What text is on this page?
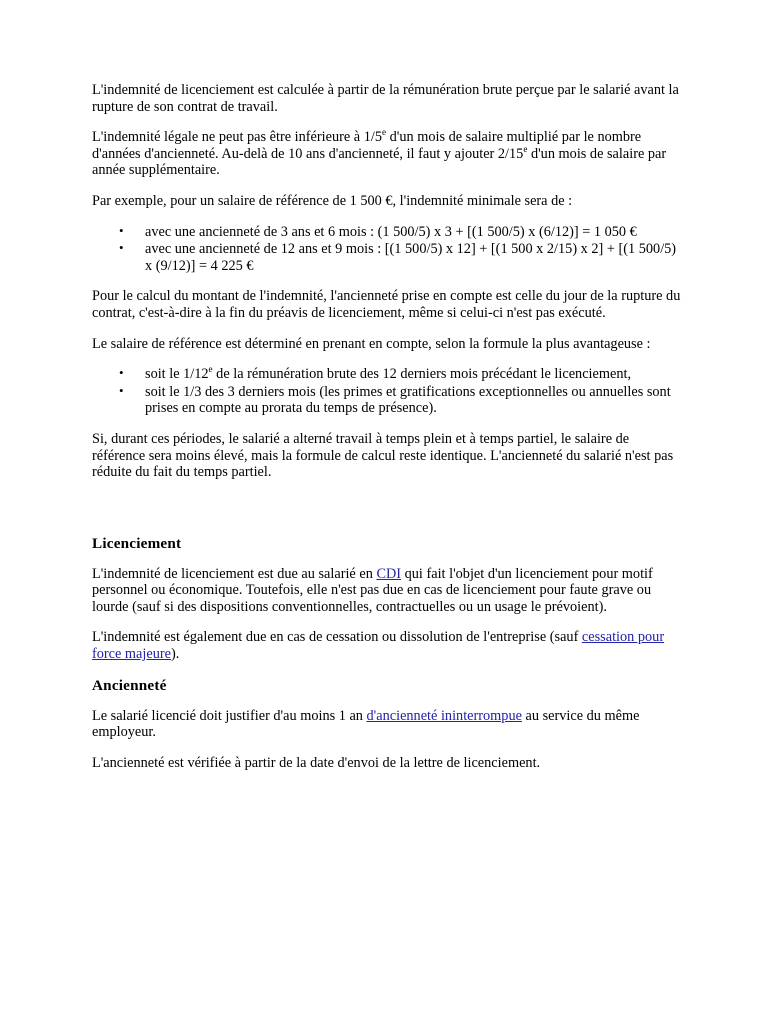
L'indemnité de licenciement est calculée à partir de la rémunération brute perçue par le salarié avant la rupture de son contrat de travail.

L'indemnité légale ne peut pas être inférieure à 1/5e d'un mois de salaire multiplié par le nombre d'années d'ancienneté. Au-delà de 10 ans d'ancienneté, il faut y ajouter 2/15e d'un mois de salaire par année supplémentaire.

Par exemple, pour un salaire de référence de 1 500 €, l'indemnité minimale sera de :

• avec une ancienneté de 3 ans et 6 mois : (1 500/5) x 3 + [(1 500/5) x (6/12)] = 1 050 €
• avec une ancienneté de 12 ans et 9 mois : [(1 500/5) x 12] + [(1 500 x 2/15) x 2] + [(1 500/5) x (9/12)] = 4 225 €

Pour le calcul du montant de l'indemnité, l'ancienneté prise en compte est celle du jour de la rupture du contrat, c'est-à-dire à la fin du préavis de licenciement, même si celui-ci n'est pas exécuté.

Le salaire de référence est déterminé en prenant en compte, selon la formule la plus avantageuse :

• soit le 1/12e de la rémunération brute des 12 derniers mois précédant le licenciement,
• soit le 1/3 des 3 derniers mois (les primes et gratifications exceptionnelles ou annuelles sont prises en compte au prorata du temps de présence).

Si, durant ces périodes, le salarié a alterné travail à temps plein et à temps partiel, le salaire de référence sera moins élevé, mais la formule de calcul reste identique. L'ancienneté du salarié n'est pas réduite du fait du temps partiel.

Licenciement

L'indemnité de licenciement est due au salarié en CDI qui fait l'objet d'un licenciement pour motif personnel ou économique. Toutefois, elle n'est pas due en cas de licenciement pour faute grave ou lourde (sauf si des dispositions conventionnelles, contractuelles ou un usage le prévoient).

L'indemnité est également due en cas de cessation ou dissolution de l'entreprise (sauf cessation pour force majeure).

Ancienneté

Le salarié licencié doit justifier d'au moins 1 an d'ancienneté ininterrompue au service du même employeur.

L'ancienneté est vérifiée à partir de la date d'envoi de la lettre de licenciement.
